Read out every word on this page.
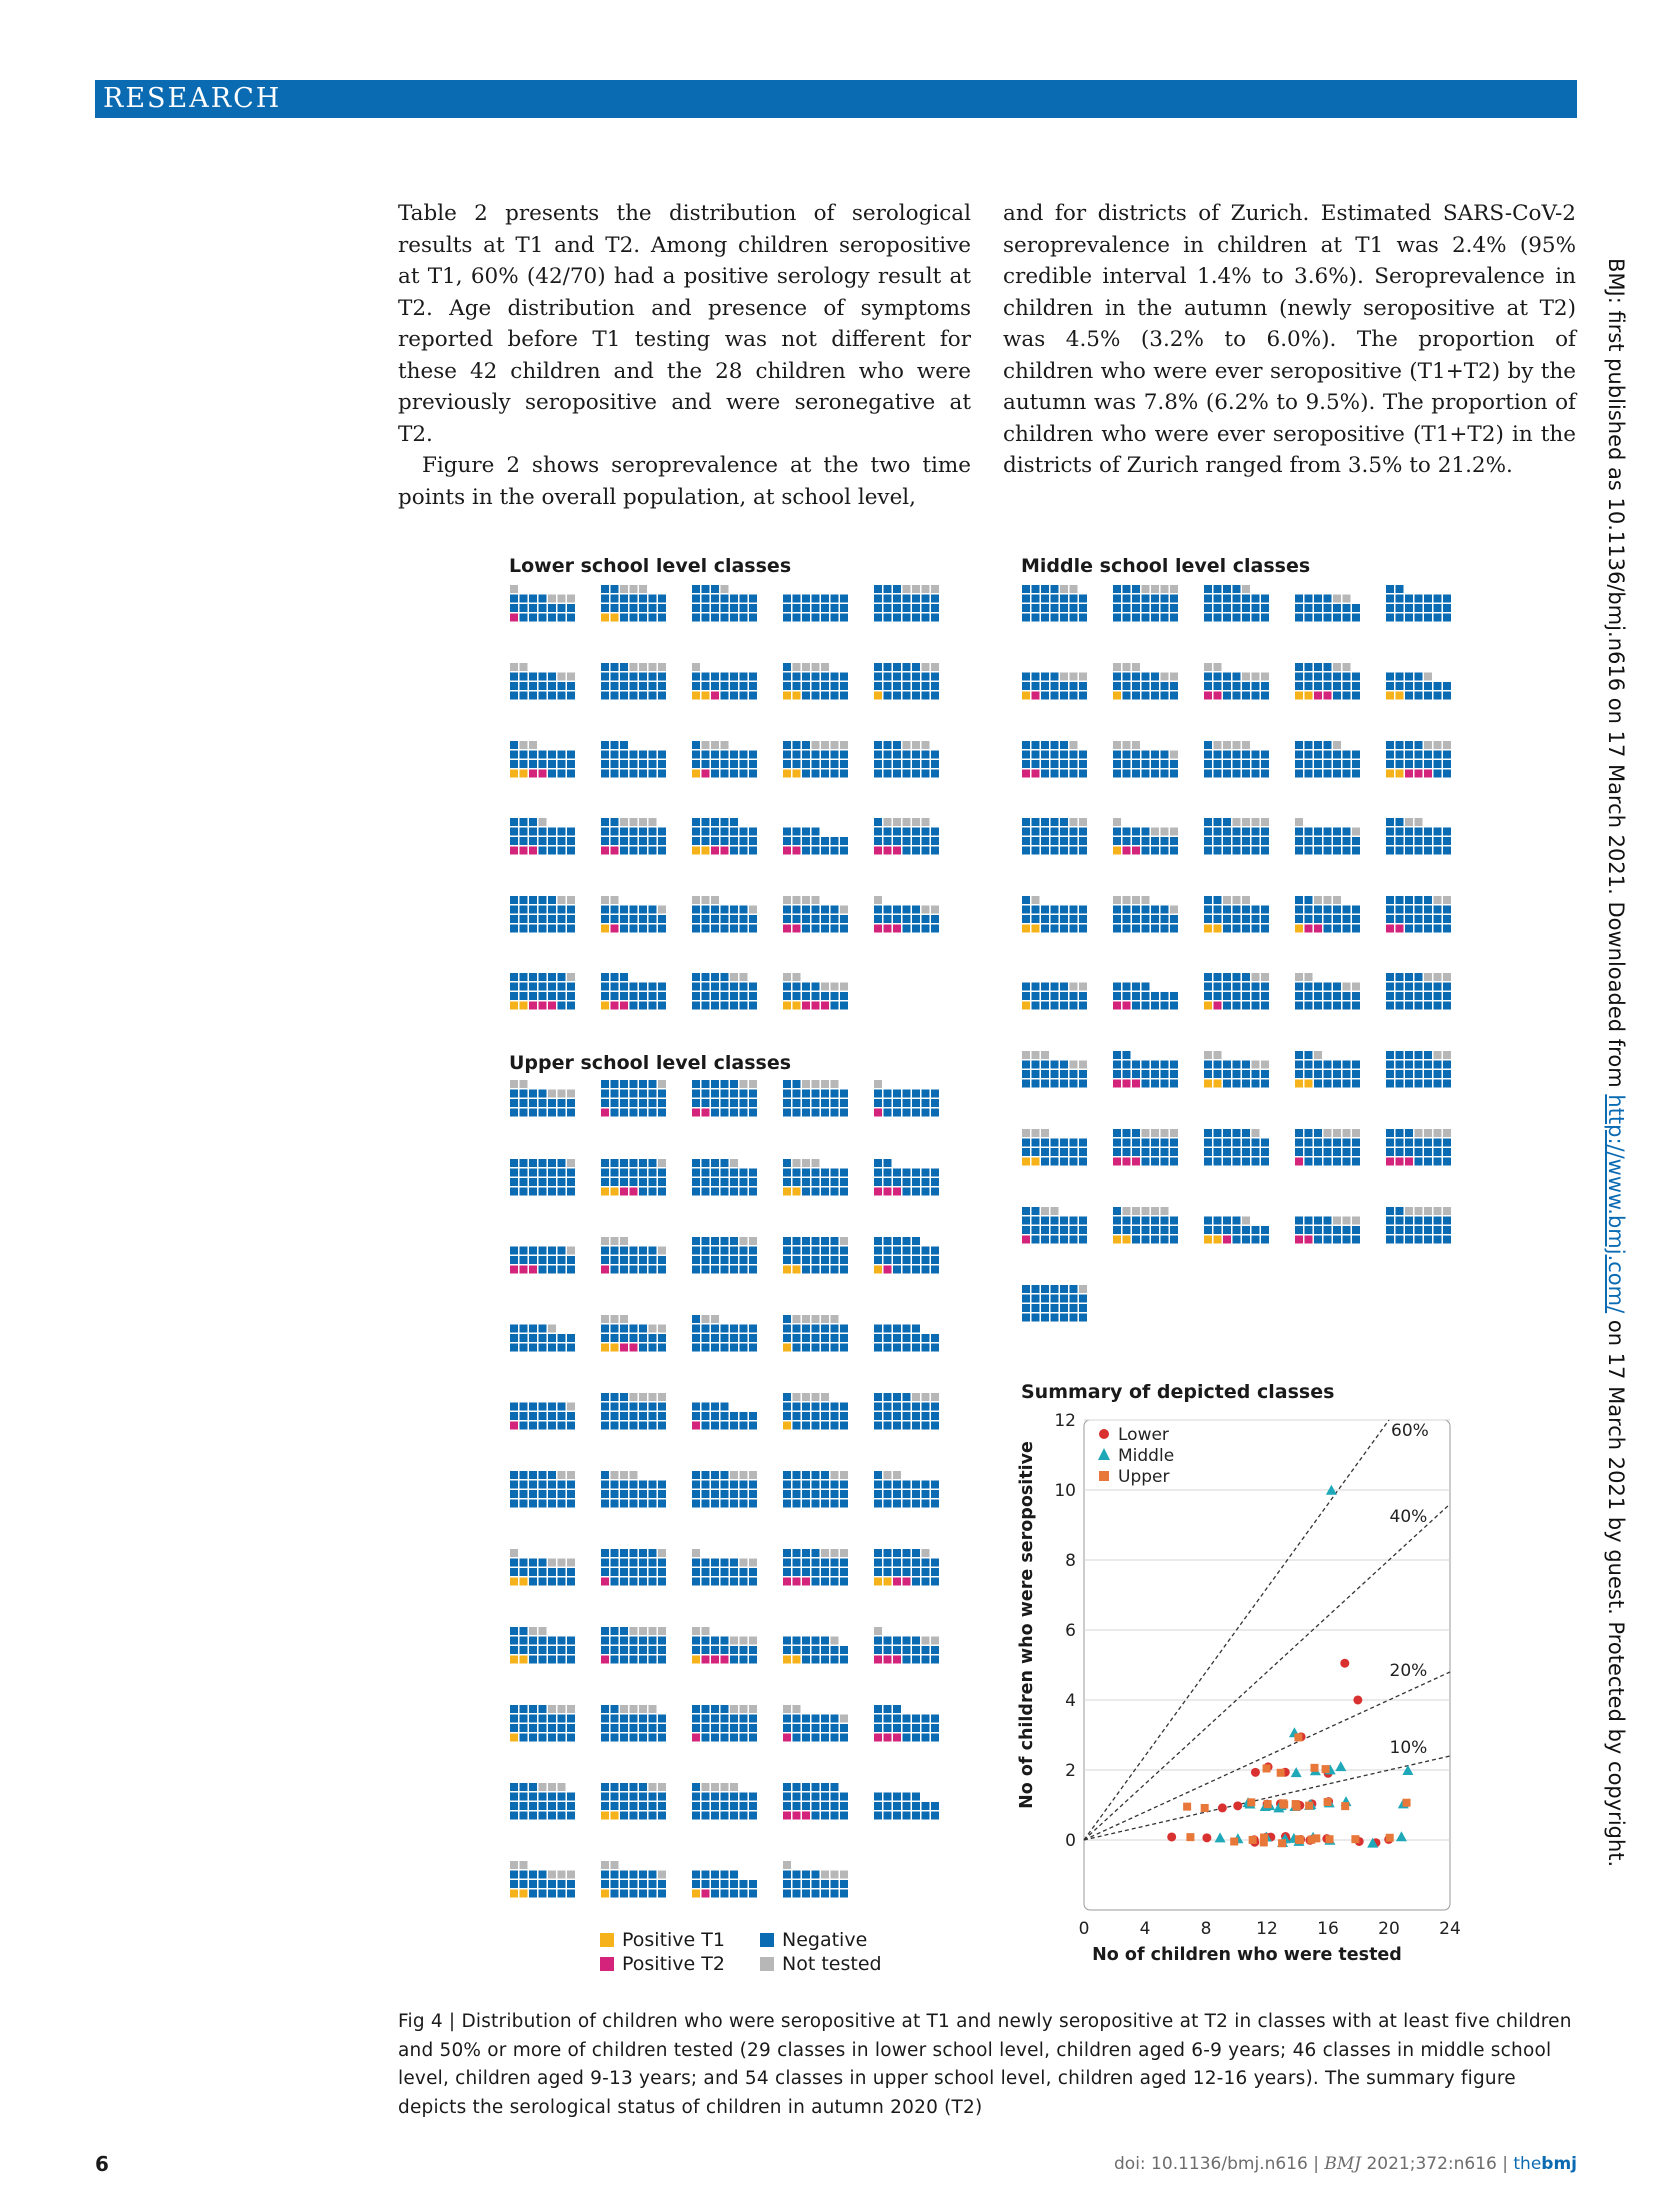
RESEARCH

Table 2 presents the distribution of serological results at T1 and T2. Among children seropositive at T1, 60% (42/70) had a positive serology result at T2. Age distribution and presence of symptoms reported before T1 testing was not different for these 42 children and the 28 children who were previously seropositive and were seronegative at T2.

Figure 2 shows seroprevalence at the two time points in the overall population, at school level,

and for districts of Zurich. Estimated SARS-CoV-2 seroprevalence in children at T1 was 2.4% (95% credible interval 1.4% to 3.6%). Seroprevalence in children in the autumn (newly seropositive at T2) was 4.5% (3.2% to 6.0%). The proportion of children who were ever seropositive (T1+T2) by the autumn was 7.8% (6.2% to 9.5%). The proportion of children who were ever seropositive (T1+T2) in the districts of Zurich ranged from 3.5% to 21.2%.	BMJ: first published as 10.1136/bmj.n616 on 17 March 2021. Downloaded from http://www.bmj.com/ on 17 March 2021 by guest. Protected by copyright.
Lower school level classes	Middle school level classes
Upper school level classes
Summary of depicted classes
Positive T1
Positive T2
Negative
Not tested
0
2
4
6
8
10
12
0	4	8	12 16 20 24
60%
40%
20%
10%
Lower
Middle
Upper
No of children who were tested
No of children who were seropositive
Fig 4 | Distribution of children who were seropositive at T1 and newly seropositive at T2 in classes with at least five children and 50% or more of children tested (29 classes in lower school level, children aged 6-9 years; 46 classes in middle school level, children aged 9-13 years; and 54 classes in upper school level, children aged 12-16 years). The summary figure depicts the serological status of children in autumn 2020 (T2)
6	doi: 10.1136/bmj.n616 | BMJ 2021;372:n616 | thebmj
